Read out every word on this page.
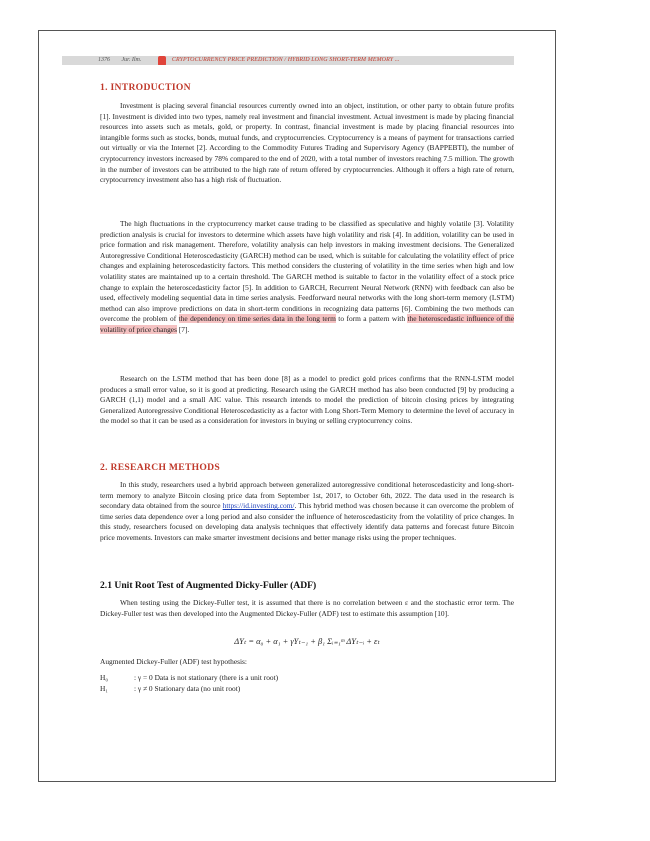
1376 Jur. Ilm.	CRYPTOCURRENCY PRICE PREDICTION / HYBRID LONG SHORT-TERM MEMORY ...
1. INTRODUCTION
Investment is placing several financial resources currently owned into an object, institution, or other party to obtain future profits [1]. Investment is divided into two types, namely real investment and financial investment. Actual investment is made by placing financial resources into assets such as metals, gold, or property. In contrast, financial investment is made by placing financial resources into intangible forms such as stocks, bonds, mutual funds, and cryptocurrencies. Cryptocurrency is a means of payment for transactions carried out virtually or via the Internet [2]. According to the Commodity Futures Trading and Supervisory Agency (BAPPEBTI), the number of cryptocurrency investors increased by 78% compared to the end of 2020, with a total number of investors reaching 7.5 million. The growth in the number of investors can be attributed to the high rate of return offered by cryptocurrencies. Although it offers a high rate of return, cryptocurrency investment also has a high risk of fluctuation.
The high fluctuations in the cryptocurrency market cause trading to be classified as speculative and highly volatile [3]. Volatility prediction analysis is crucial for investors to determine which assets have high volatility and risk [4]. In addition, volatility can be used in price formation and risk management. Therefore, volatility analysis can help investors in making investment decisions. The Generalized Autoregressive Conditional Heteroscedasticity (GARCH) method can be used, which is suitable for calculating the volatility effect of price changes and explaining heteroscedasticity factors. This method considers the clustering of volatility in the time series when high and low volatility states are maintained up to a certain threshold. The GARCH method is suitable to factor in the volatility effect of a stock price change to explain the heteroscedasticity factor [5]. In addition to GARCH, Recurrent Neural Network (RNN) with feedback can also be used, effectively modeling sequential data in time series analysis. Feedforward neural networks with the long short-term memory (LSTM) method can also improve predictions on data in short-term conditions in recognizing data patterns [6]. Combining the two methods can overcome the problem of the dependency on time series data in the long term to form a pattern with the heteroscedastic influence of the volatility of price changes [7].
Research on the LSTM method that has been done [8] as a model to predict gold prices confirms that the RNN-LSTM model produces a small error value, so it is good at predicting. Research using the GARCH method has also been conducted [9] by producing a GARCH (1,1) model and a small AIC value. This research intends to model the prediction of bitcoin closing prices by integrating Generalized Autoregressive Conditional Heteroscedasticity as a factor with Long Short-Term Memory to determine the level of accuracy in the model so that it can be used as a consideration for investors in buying or selling cryptocurrency coins.
2. RESEARCH METHODS
In this study, researchers used a hybrid approach between generalized autoregressive conditional heteroscedasticity and long-short-term memory to analyze Bitcoin closing price data from September 1st, 2017, to October 6th, 2022. The data used in the research is secondary data obtained from the source https://id.investing.com/. This hybrid method was chosen because it can overcome the problem of time series data dependence over a long period and also consider the influence of heteroscedasticity from the volatility of price changes. In this study, researchers focused on developing data analysis techniques that effectively identify data patterns and forecast future Bitcoin price movements. Investors can make smarter investment decisions and better manage risks using the proper techniques.
2.1 Unit Root Test of Augmented Dicky-Fuller (ADF)
When testing using the Dickey-Fuller test, it is assumed that there is no correlation between ε and the stochastic error term. The Dickey-Fuller test was then developed into the Augmented Dickey-Fuller (ADF) test to estimate this assumption [10].
ΔYₜ = α₀ + α₁ + γYₜ₋₁ + β₁ Σᵢ₌₁ᵐ ΔYₜ₋ᵢ + εₜ
Augmented Dickey-Fuller (ADF) test hypothesis:
H₀	: γ = 0 Data is not stationary (there is a unit root)
H₁	: γ ≠ 0 Stationary data (no unit root)
